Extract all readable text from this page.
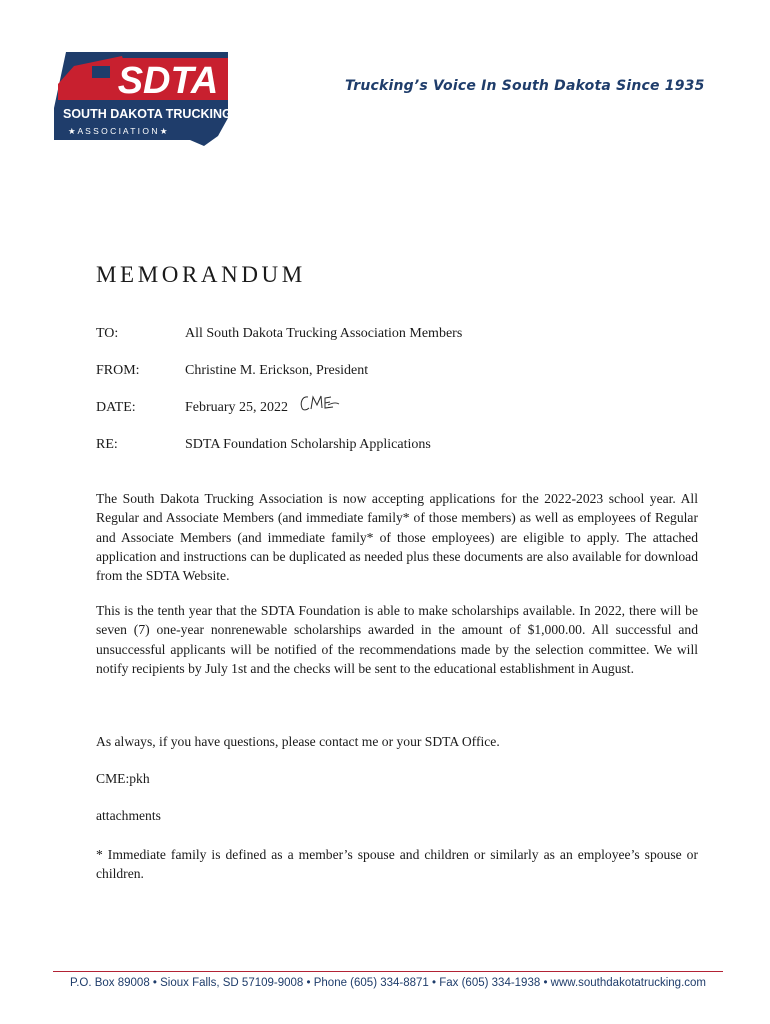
SDTA
SOUTH DAKOTA TRUCKING
★ A S S O C I A T I O N ★
Trucking’s Voice In South Dakota Since 1935
MEMORANDUM
TO:	All South Dakota Trucking Association Members
FROM:	Christine M. Erickson, President
DATE:	February 25, 2022
RE:	SDTA Foundation Scholarship Applications

The South Dakota Trucking Association is now accepting applications for the 2022-2023 school year. All Regular and Associate Members (and immediate family* of those members) as well as employees of Regular and Associate Members (and immediate family* of those employees) are eligible to apply. The attached application and instructions can be duplicated as needed plus these documents are also available for download from the SDTA Website.

This is the tenth year that the SDTA Foundation is able to make scholarships available. In 2022, there will be seven (7) one-year nonrenewable scholarships awarded in the amount of $1,000.00. All successful and unsuccessful applicants will be notified of the recommendations made by the selection committee. We will notify recipients by July 1st and the checks will be sent to the educational establishment in August.

As always, if you have questions, please contact me or your SDTA Office.

CME:pkh

attachments

* Immediate family is defined as a member’s spouse and children or similarly as an employee’s spouse or children.

P.O. Box 89008 • Sioux Falls, SD 57109-9008 • Phone (605) 334-8871 • Fax (605) 334-1938 • www.southdakotatrucking.com
